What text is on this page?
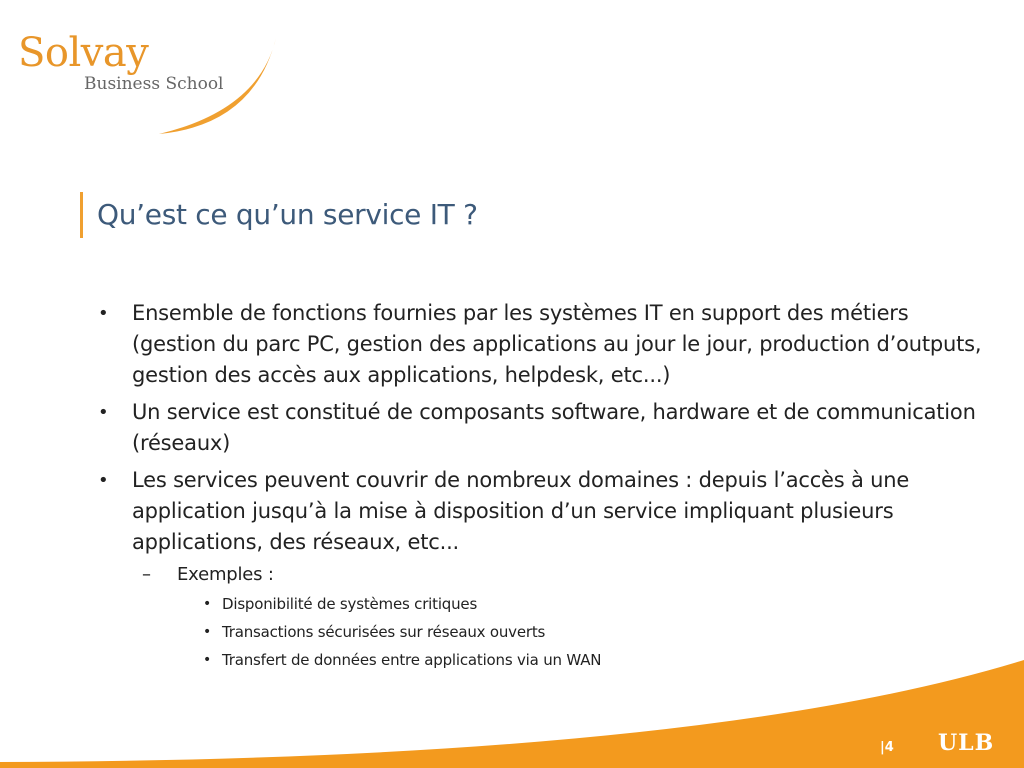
Solvay
Business School
Qu’est ce qu’un service IT ?
• Ensemble de fonctions fournies par les systèmes IT en support des métiers (gestion du parc PC, gestion des applications au jour le jour, production d’outputs, gestion des accès aux applications, helpdesk, etc...)
• Un service est constitué de composants software, hardware et de communication (réseaux)
• Les services peuvent couvrir de nombreux domaines : depuis l’accès à une application jusqu’à la mise à disposition d’un service impliquant plusieurs applications, des réseaux, etc...
– Exemples :
• Disponibilité de systèmes critiques
• Transactions sécurisées sur réseaux ouverts
• Transfert de données entre applications via un WAN
|4 ULB
